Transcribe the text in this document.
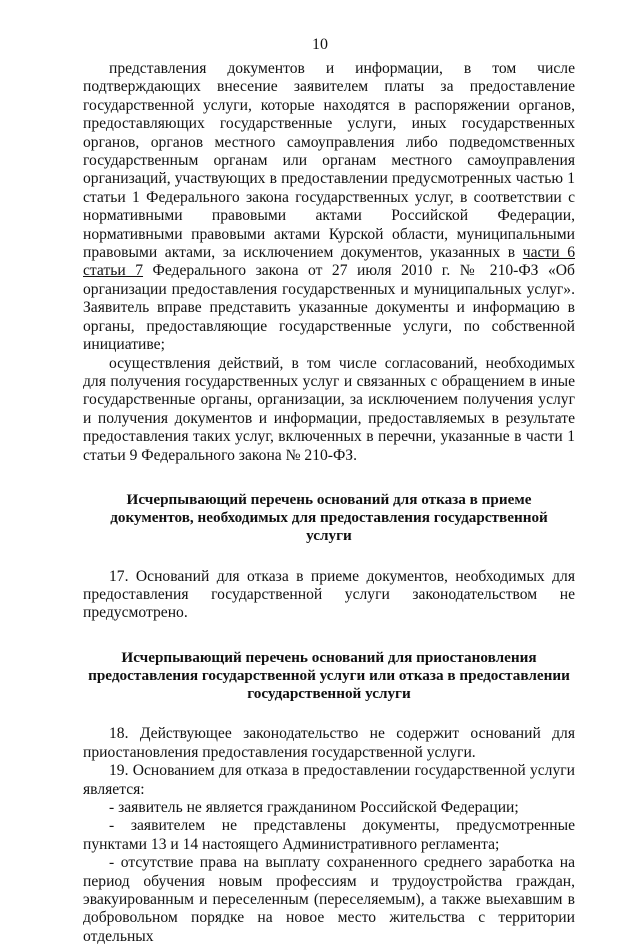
10

представления документов и информации, в том числе подтверждающих внесение заявителем платы за предоставление государственной услуги, которые находятся в распоряжении органов, предоставляющих государственные услуги, иных государственных органов, органов местного самоуправления либо подведомственных государственным органам или органам местного самоуправления организаций, участвующих в предоставлении предусмотренных частью 1 статьи 1 Федерального закона государственных услуг, в соответствии с нормативными правовыми актами Российской Федерации, нормативными правовыми актами Курской области, муниципальными правовыми актами, за исключением документов, указанных в части 6 статьи 7 Федерального закона от 27 июля 2010 г. № 210-ФЗ «Об организации предоставления государственных и муниципальных услуг». Заявитель вправе представить указанные документы и информацию в органы, предоставляющие государственные услуги, по собственной инициативе;

осуществления действий, в том числе согласований, необходимых для получения государственных услуг и связанных с обращением в иные государственные органы, организации, за исключением получения услуг и получения документов и информации, предоставляемых в результате предоставления таких услуг, включенных в перечни, указанные в части 1 статьи 9 Федерального закона № 210-ФЗ.

Исчерпывающий перечень оснований для отказа в приеме документов, необходимых для предоставления государственной услуги

17. Оснований для отказа в приеме документов, необходимых для предоставления государственной услуги законодательством не предусмотрено.

Исчерпывающий перечень оснований для приостановления предоставления государственной услуги или отказа в предоставлении государственной услуги

18. Действующее законодательство не содержит оснований для приостановления предоставления государственной услуги.

19. Основанием для отказа в предоставлении государственной услуги является:

- заявитель не является гражданином Российской Федерации;

- заявителем не представлены документы, предусмотренные пунктами 13 и 14 настоящего Административного регламента;

- отсутствие права на выплату сохраненного среднего заработка на период обучения новым профессиям и трудоустройства граждан, эвакуированным и переселенным (переселяемым), а также выехавшим в добровольном порядке на новое место жительства с территории отдельных
